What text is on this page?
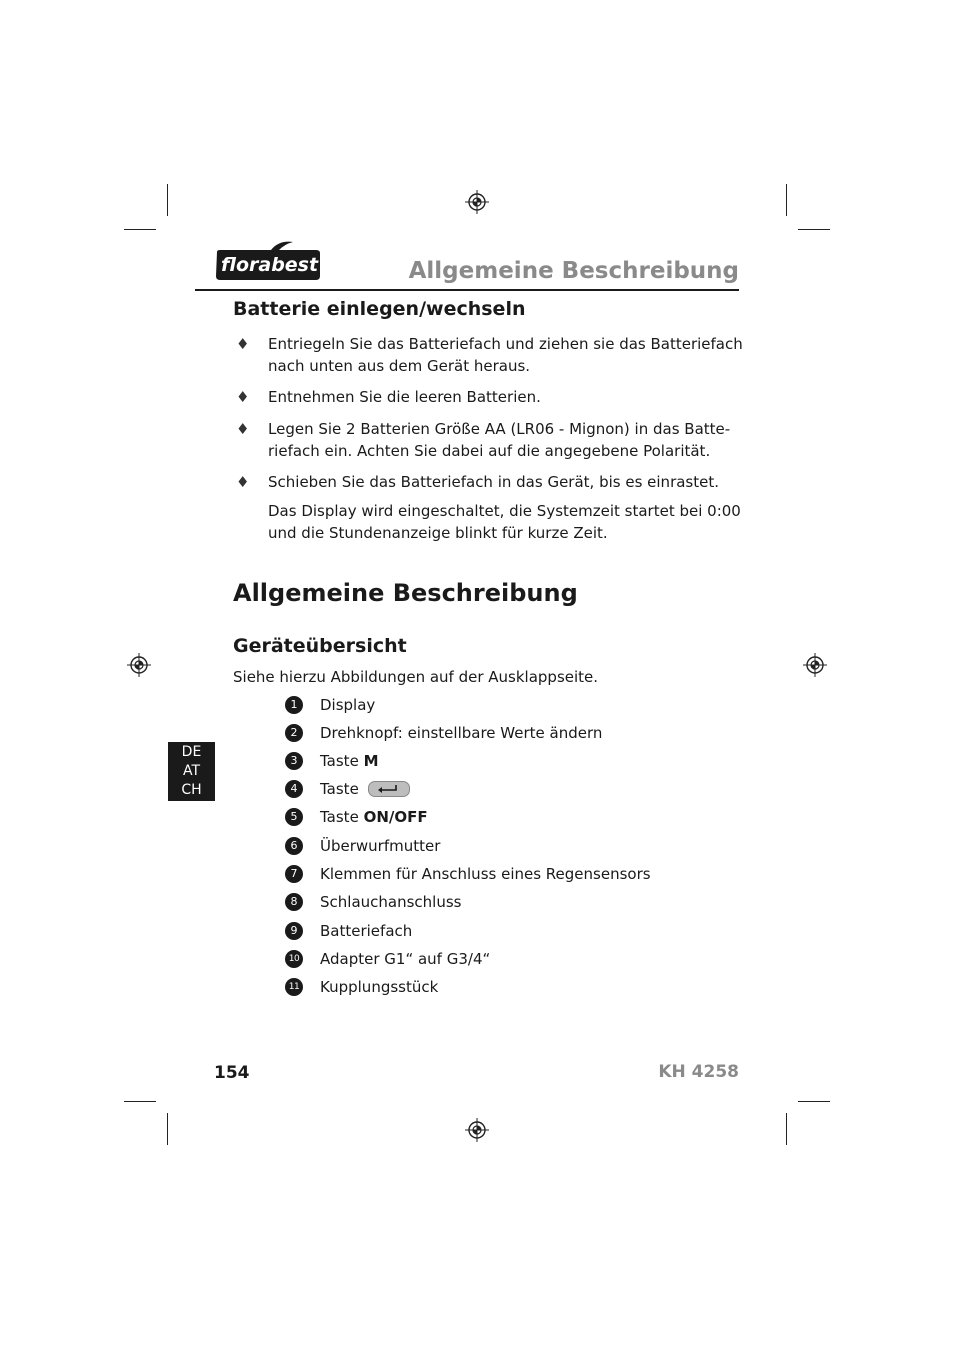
florabest	Allgemeine Beschreibung
Batterie einlegen/wechseln
♦ Entriegeln Sie das Batteriefach und ziehen sie das Batteriefach
nach unten aus dem Gerät heraus.
♦ Entnehmen Sie die leeren Batterien.
♦ Legen Sie 2 Batterien Größe AA (LR06 - Mignon) in das Batte-
riefach ein. Achten Sie dabei auf die angegebene Polarität.
♦ Schieben Sie das Batteriefach in das Gerät, bis es einrastet.
Das Display wird eingeschaltet, die Systemzeit startet bei 0:00
und die Stundenanzeige blinkt für kurze Zeit.
Allgemeine Beschreibung
Geräteübersicht
Siehe hierzu Abbildungen auf der Ausklappseite.
DE
AT
CH
1	Display
2	Drehknopf: einstellbare Werte ändern
3	Taste M
4	Taste
5	Taste ON/OFF
6	Überwurfmutter
7	Klemmen für Anschluss eines Regensensors
8	Schlauchanschluss
9	Batteriefach
10 Adapter G1“ auf G3/4“
11 Kupplungsstück
154	KH 4258
